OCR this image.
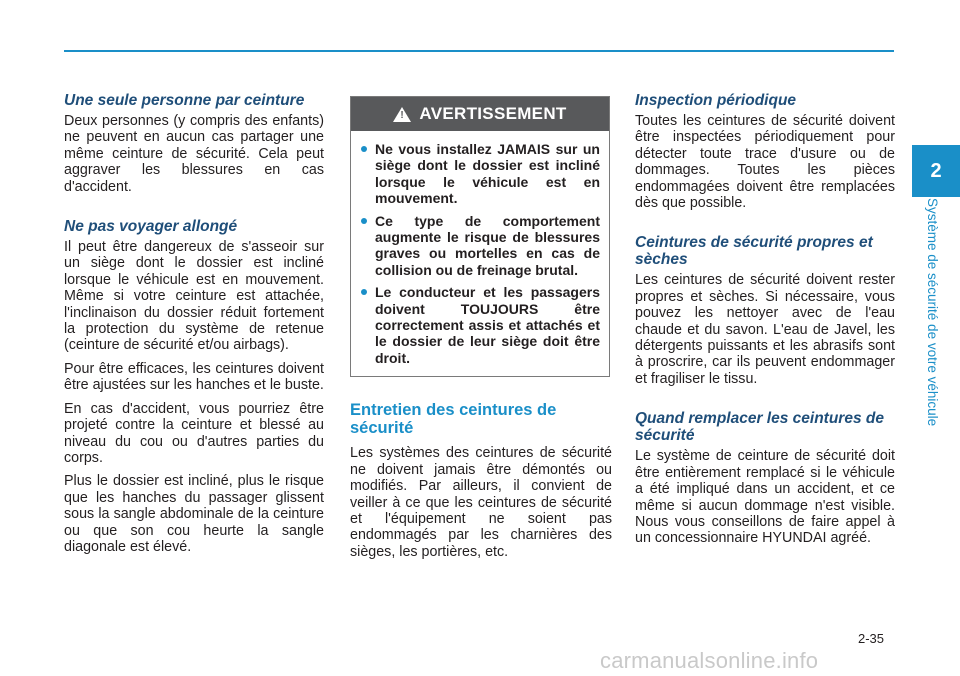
Une seule personne par ceinture

Deux personnes (y compris des enfants) ne peuvent en aucun cas partager une même ceinture de sécurité. Cela peut aggraver les blessures en cas d'accident.

Ne pas voyager allongé

Il peut être dangereux de s'asseoir sur un siège dont le dossier est incliné lorsque le véhicule est en mouvement. Même si votre ceinture est attachée, l'inclinaison du dossier réduit fortement la protection du système de retenue (ceinture de sécurité et/ou airbags).

Pour être efficaces, les ceintures doivent être ajustées sur les hanches et le buste.

En cas d'accident, vous pourriez être projeté contre la ceinture et blessé au niveau du cou ou d'autres parties du corps.

Plus le dossier est incliné, plus le risque que les hanches du passager glissent sous la sangle abdominale de la ceinture ou que son cou heurte la sangle diagonale est élevé.

! AVERTISSEMENT
Ne vous installez JAMAIS sur un siège dont le dossier est incliné lorsque le véhicule est en mouvement.
Ce type de comportement augmente le risque de blessures graves ou mortelles en cas de collision ou de freinage brutal.
Le conducteur et les passagers doivent TOUJOURS être correctement assis et attachés et le dossier de leur siège doit être droit.
Entretien des ceintures de sécurité

Les systèmes des ceintures de sécurité ne doivent jamais être démontés ou modifiés. Par ailleurs, il convient de veiller à ce que les ceintures de sécurité et l'équipement ne soient pas endommagés par les charnières des sièges, les portières, etc.

Inspection périodique

Toutes les ceintures de sécurité doivent être inspectées périodiquement pour détecter toute trace d'usure ou de dommages. Toutes les pièces endommagées doivent être remplacées dès que possible.

Ceintures de sécurité propres et sèches

Les ceintures de sécurité doivent rester propres et sèches. Si nécessaire, vous pouvez les nettoyer avec de l'eau chaude et du savon. L'eau de Javel, les détergents puissants et les abrasifs sont à proscrire, car ils peuvent endommager et fragiliser le tissu.

Quand remplacer les ceintures de sécurité

Le système de ceinture de sécurité doit être entièrement remplacé si le véhicule a été impliqué dans un accident, et ce même si aucun dommage n'est visible. Nous vous conseillons de faire appel à un concessionnaire HYUNDAI agréé.

2
Système de sécurité de votre véhicule
2-35
carmanualsonline.info
